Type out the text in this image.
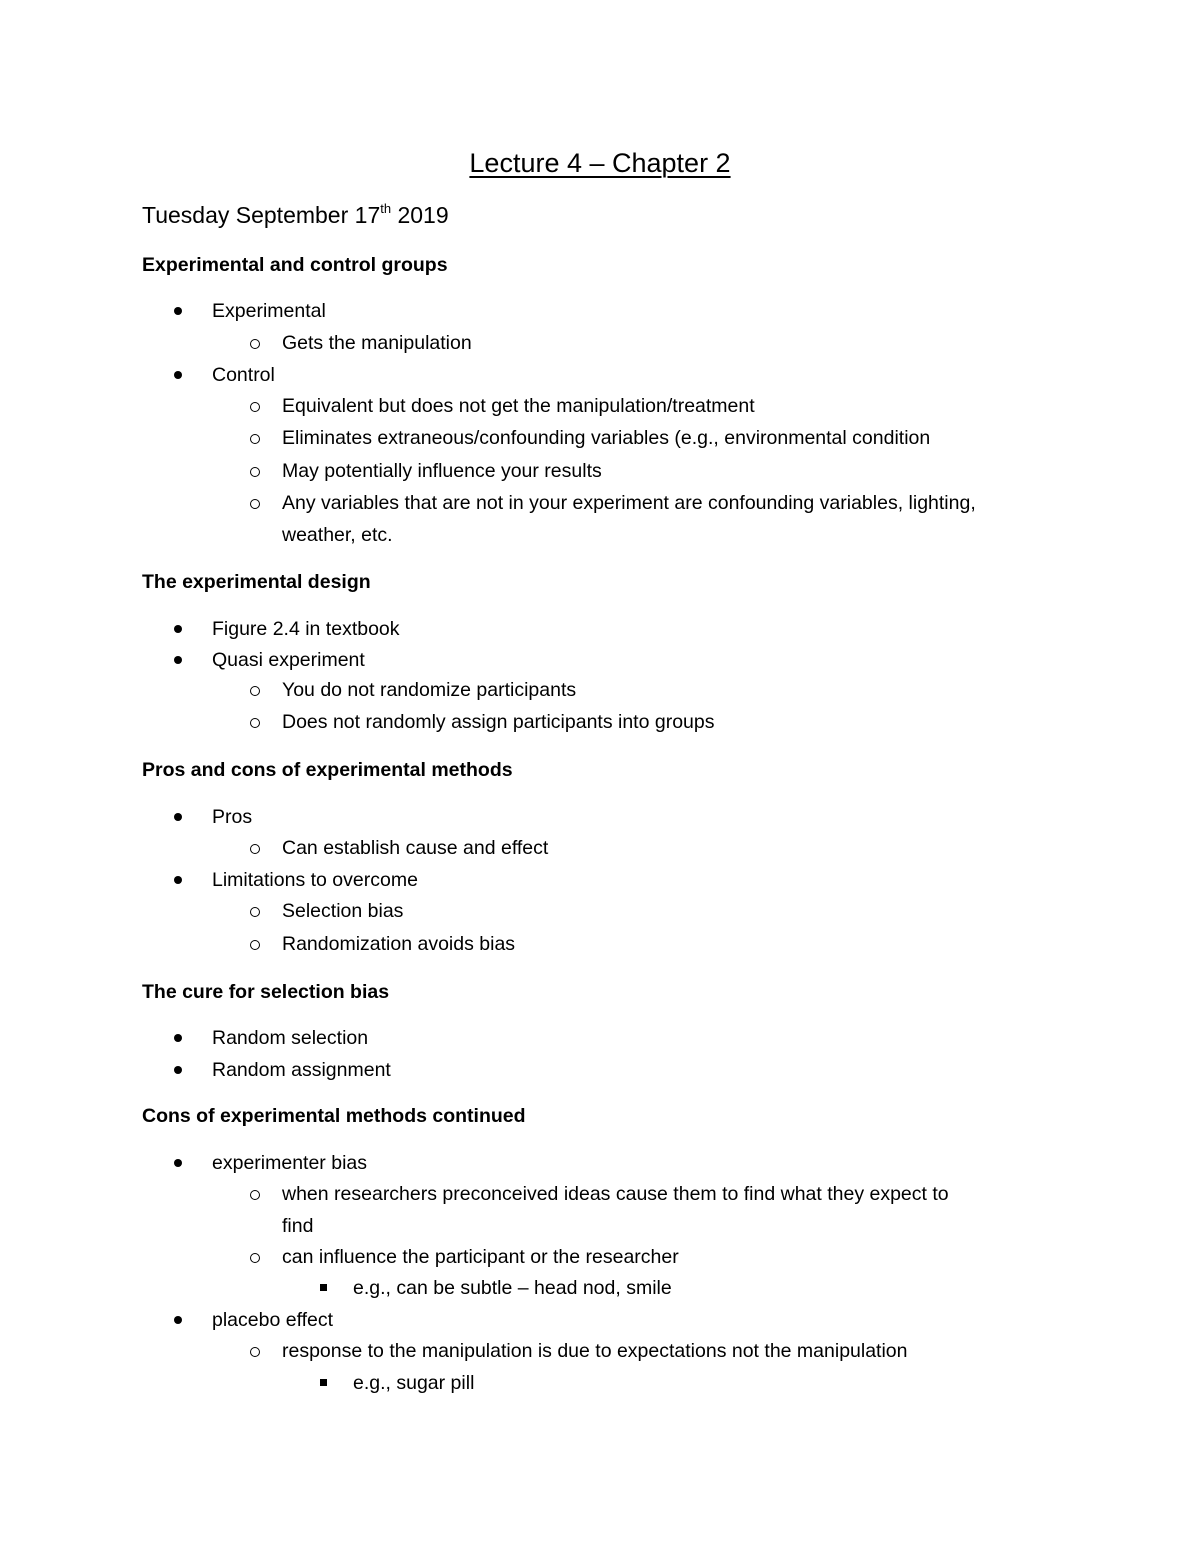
Lecture 4 – Chapter 2
Tuesday September 17th 2019
Experimental and control groups
Experimental
Gets the manipulation
Control
Equivalent but does not get the manipulation/treatment
Eliminates extraneous/confounding variables (e.g., environmental condition
May potentially influence your results
Any variables that are not in your experiment are confounding variables, lighting,
weather, etc.
The experimental design
Figure 2.4 in textbook
Quasi experiment
You do not randomize participants
Does not randomly assign participants into groups
Pros and cons of experimental methods
Pros
Can establish cause and effect
Limitations to overcome
Selection bias
Randomization avoids bias
The cure for selection bias
Random selection
Random assignment
Cons of experimental methods continued
experimenter bias
when researchers preconceived ideas cause them to find what they expect to
find
can influence the participant or the researcher
e.g., can be subtle – head nod, smile
placebo effect
response to the manipulation is due to expectations not the manipulation
e.g., sugar pill
